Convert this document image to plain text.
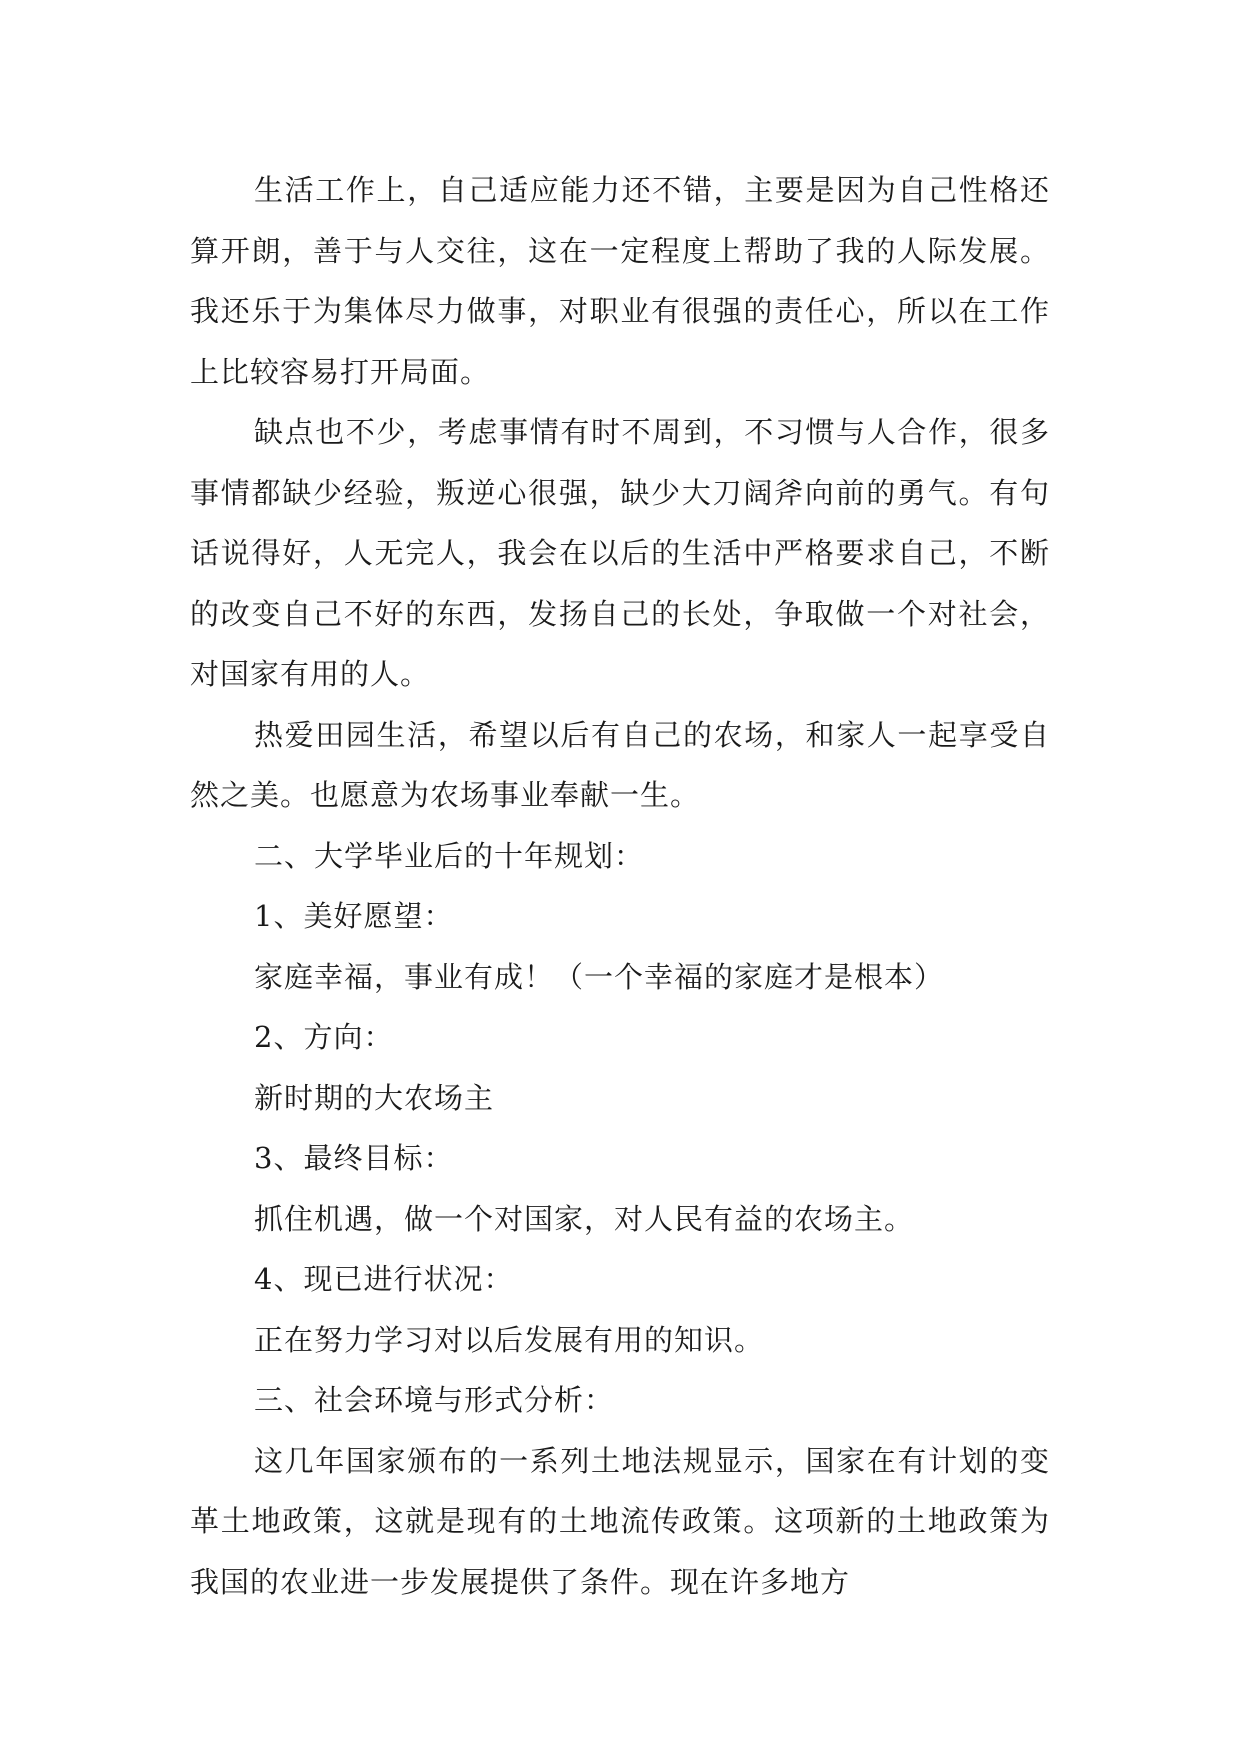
生活工作上，自己适应能力还不错，主要是因为自己性格还算开朗，善于与人交往，这在一定程度上帮助了我的人际发展。我还乐于为集体尽力做事，对职业有很强的责任心，所以在工作上比较容易打开局面。

缺点也不少，考虑事情有时不周到，不习惯与人合作，很多事情都缺少经验，叛逆心很强，缺少大刀阔斧向前的勇气。有句话说得好，人无完人，我会在以后的生活中严格要求自己，不断的改变自己不好的东西，发扬自己的长处，争取做一个对社会，对国家有用的人。

热爱田园生活，希望以后有自己的农场，和家人一起享受自然之美。也愿意为农场事业奉献一生。

二、大学毕业后的十年规划：

1、美好愿望：

家庭幸福，事业有成！（一个幸福的家庭才是根本）

2、方向：

新时期的大农场主

3、最终目标：

抓住机遇，做一个对国家，对人民有益的农场主。

4、现已进行状况：

正在努力学习对以后发展有用的知识。

三、社会环境与形式分析：

这几年国家颁布的一系列土地法规显示，国家在有计划的变革土地政策，这就是现有的土地流传政策。这项新的土地政策为我国的农业进一步发展提供了条件。现在许多地方
